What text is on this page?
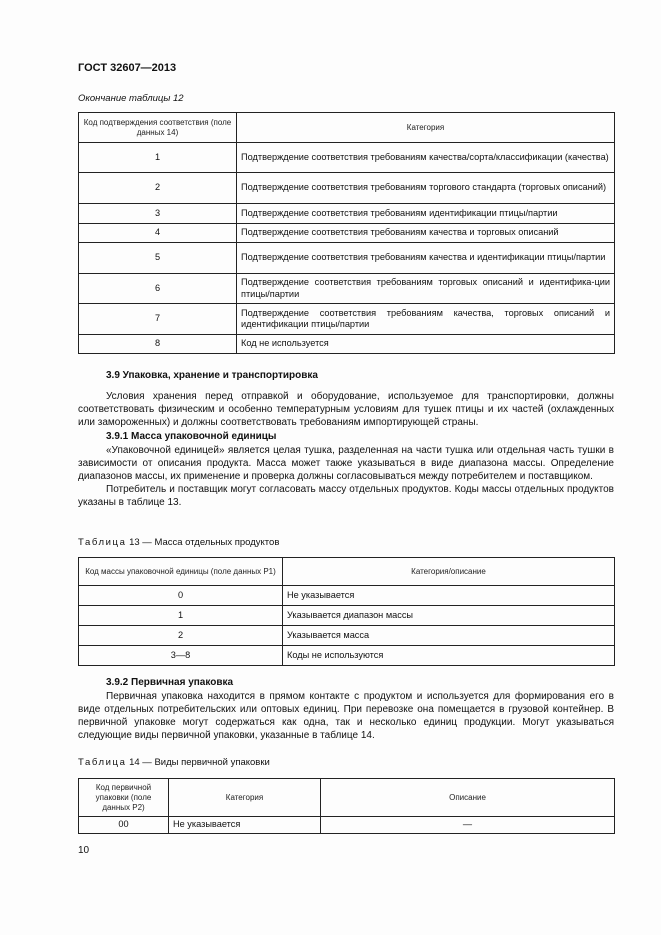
ГОСТ 32607—2013
Окончание таблицы 12
Код подтверждения соответствия (поле данных 14)	Категория
1	Подтверждение соответствия требованиям качества/сорта/классификации (качества)
2	Подтверждение соответствия требованиям торгового стандарта (торговых описаний)
3	Подтверждение соответствия требованиям идентификации птицы/партии
4	Подтверждение соответствия требованиям качества и торговых описаний
5	Подтверждение соответствия требованиям качества и идентификации птицы/партии
6	Подтверждение соответствия требованиям торговых описаний и идентифика-ции птицы/партии
7	Подтверждение соответствия требованиям качества, торговых описаний и идентификации птицы/партии
8	Код не используется
3.9 Упаковка, хранение и транспортировка

Условия хранения перед отправкой и оборудование, используемое для транспортировки, должны соответствовать физическим и особенно температурным условиям для тушек птицы и их частей (охлажденных или замороженных) и должны соответствовать требованиям импортирующей страны.

3.9.1 Масса упаковочной единицы

«Упаковочной единицей» является целая тушка, разделенная на части тушка или отдельная часть тушки в зависимости от описания продукта. Масса может также указываться в виде диапазона массы. Определение диапазонов массы, их применение и проверка должны согласовываться между потребителем и поставщиком.

Потребитель и поставщик могут согласовать массу отдельных продуктов. Коды массы отдельных продуктов указаны в таблице 13.

Таблица 13 — Масса отдельных продуктов
Код массы упаковочной единицы (поле данных Р1)	Категория/описание
0	Не указывается
1	Указывается диапазон массы
2	Указывается масса
3—8	Коды не используются
3.9.2 Первичная упаковка

Первичная упаковка находится в прямом контакте с продуктом и используется для формирования его в виде отдельных потребительских или оптовых единиц. При перевозке она помещается в грузовой контейнер. В первичной упаковке могут содержаться как одна, так и несколько единиц продукции. Могут указываться следующие виды первичной упаковки, указанные в таблице 14.

Таблица 14 — Виды первичной упаковки
Код первичной упаковки (поле данных Р2)	Категория	Описание
00	Не указывается	—
10
